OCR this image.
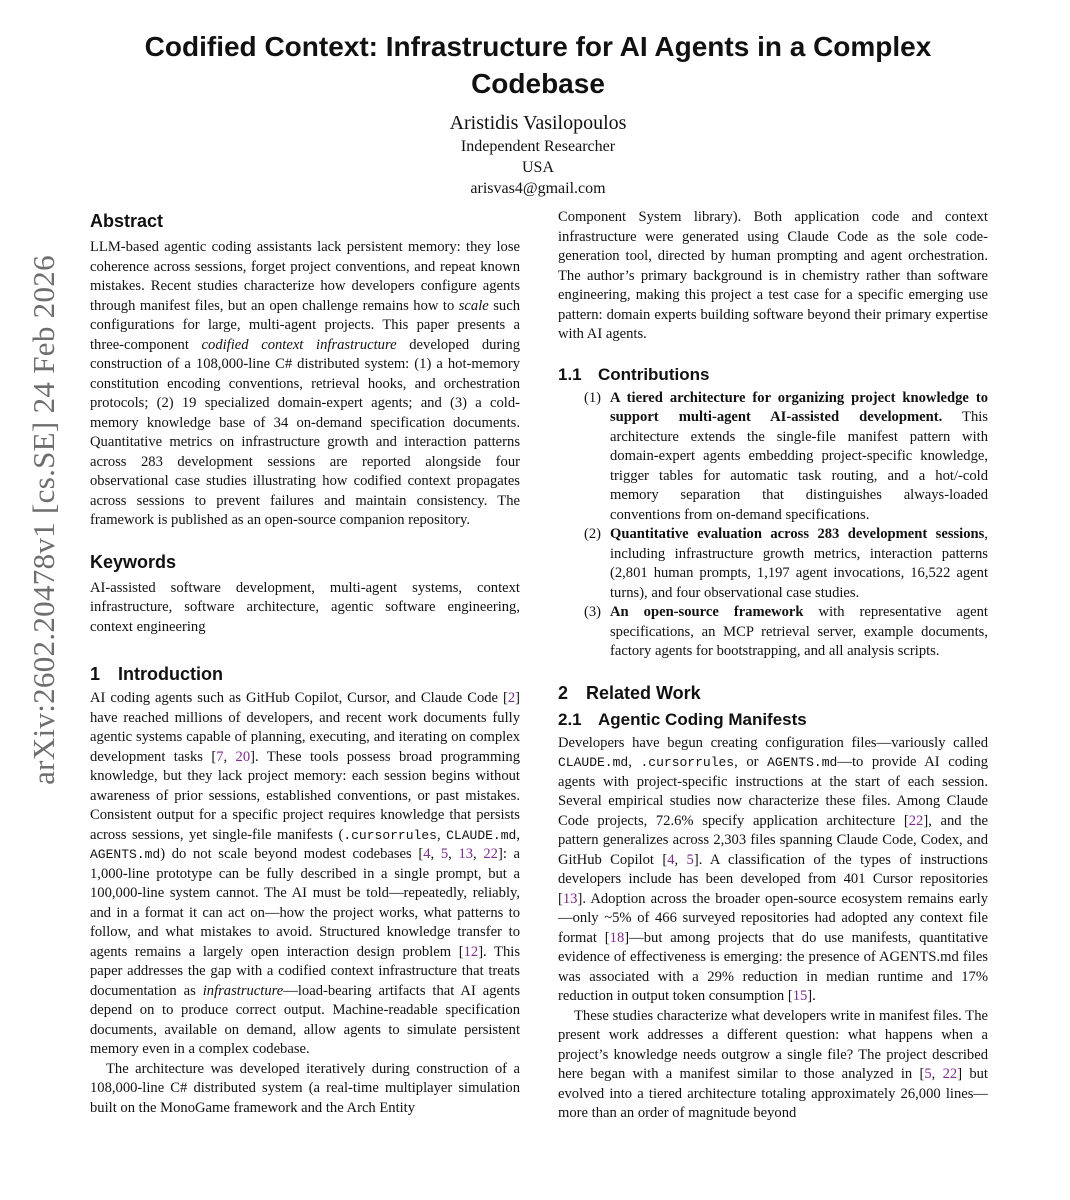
arXiv:2602.20478v1 [cs.SE] 24 Feb 2026
Codified Context: Infrastructure for AI Agents in a Complex Codebase
Aristidis Vasilopoulos
Independent Researcher
USA
arisvas4@gmail.com
Abstract

LLM-based agentic coding assistants lack persistent memory: they lose coherence across sessions, forget project conventions, and repeat known mistakes. Recent studies characterize how developers configure agents through manifest files, but an open challenge remains how to scale such configurations for large, multi-agent projects. This paper presents a three-component codified context infrastructure developed during construction of a 108,000-line C# distributed system: (1) a hot-memory constitution encoding conventions, retrieval hooks, and orchestration protocols; (2) 19 specialized domain-expert agents; and (3) a cold-memory knowledge base of 34 on-demand specification documents. Quantitative metrics on infrastructure growth and interaction patterns across 283 development sessions are reported alongside four observational case studies illustrating how codified context propagates across sessions to prevent failures and maintain consistency. The framework is published as an open-source companion repository.

Keywords

AI-assisted software development, multi-agent systems, context infrastructure, software architecture, agentic software engineering, context engineering

1 Introduction

AI coding agents such as GitHub Copilot, Cursor, and Claude Code [2] have reached millions of developers, and recent work documents fully agentic systems capable of planning, executing, and iterating on complex development tasks [7, 20]. These tools possess broad programming knowledge, but they lack project memory: each session begins without awareness of prior sessions, established conventions, or past mistakes. Consistent output for a specific project requires knowledge that persists across sessions, yet single-file manifests (.cursorrules, CLAUDE.md, AGENTS.md) do not scale beyond modest codebases [4, 5, 13, 22]: a 1,000-line prototype can be fully described in a single prompt, but a 100,000-line system cannot. The AI must be told—repeatedly, reliably, and in a format it can act on—how the project works, what patterns to follow, and what mistakes to avoid. Structured knowledge transfer to agents remains a largely open interaction design problem [12]. This paper addresses the gap with a codified context infrastructure that treats documentation as infrastructure—load-bearing artifacts that AI agents depend on to produce correct output. Machine-readable specification documents, available on demand, allow agents to simulate persistent memory even in a complex codebase.

The architecture was developed iteratively during construction of a 108,000-line C# distributed system (a real-time multiplayer simulation built on the MonoGame framework and the Arch Entity

Component System library). Both application code and context infrastructure were generated using Claude Code as the sole code-generation tool, directed by human prompting and agent orchestration. The author’s primary background is in chemistry rather than software engineering, making this project a test case for a specific emerging use pattern: domain experts building software beyond their primary expertise with AI agents.

1.1 Contributions
(1) A tiered architecture for organizing project knowledge to support multi-agent AI-assisted development. This architecture extends the single-file manifest pattern with domain-expert agents embedding project-specific knowledge, trigger tables for automatic task routing, and a hot/-cold memory separation that distinguishes always-loaded conventions from on-demand specifications.
(2) Quantitative evaluation across 283 development sessions, including infrastructure growth metrics, interaction patterns (2,801 human prompts, 1,197 agent invocations, 16,522 agent turns), and four observational case studies.
(3) An open-source framework with representative agent specifications, an MCP retrieval server, example documents, factory agents for bootstrapping, and all analysis scripts.
2 Related Work
2.1 Agentic Coding Manifests

Developers have begun creating configuration files—variously called CLAUDE.md, .cursorrules, or AGENTS.md—to provide AI coding agents with project-specific instructions at the start of each session. Several empirical studies now characterize these files. Among Claude Code projects, 72.6% specify application architecture [22], and the pattern generalizes across 2,303 files spanning Claude Code, Codex, and GitHub Copilot [4, 5]. A classification of the types of instructions developers include has been developed from 401 Cursor repositories [13]. Adoption across the broader open-source ecosystem remains early—only ~5% of 466 surveyed repositories had adopted any context file format [18]—but among projects that do use manifests, quantitative evidence of effectiveness is emerging: the presence of AGENTS.md files was associated with a 29% reduction in median runtime and 17% reduction in output token consumption [15].

These studies characterize what developers write in manifest files. The present work addresses a different question: what happens when a project’s knowledge needs outgrow a single file? The project described here began with a manifest similar to those analyzed in [5, 22] but evolved into a tiered architecture totaling approximately 26,000 lines—more than an order of magnitude beyond
